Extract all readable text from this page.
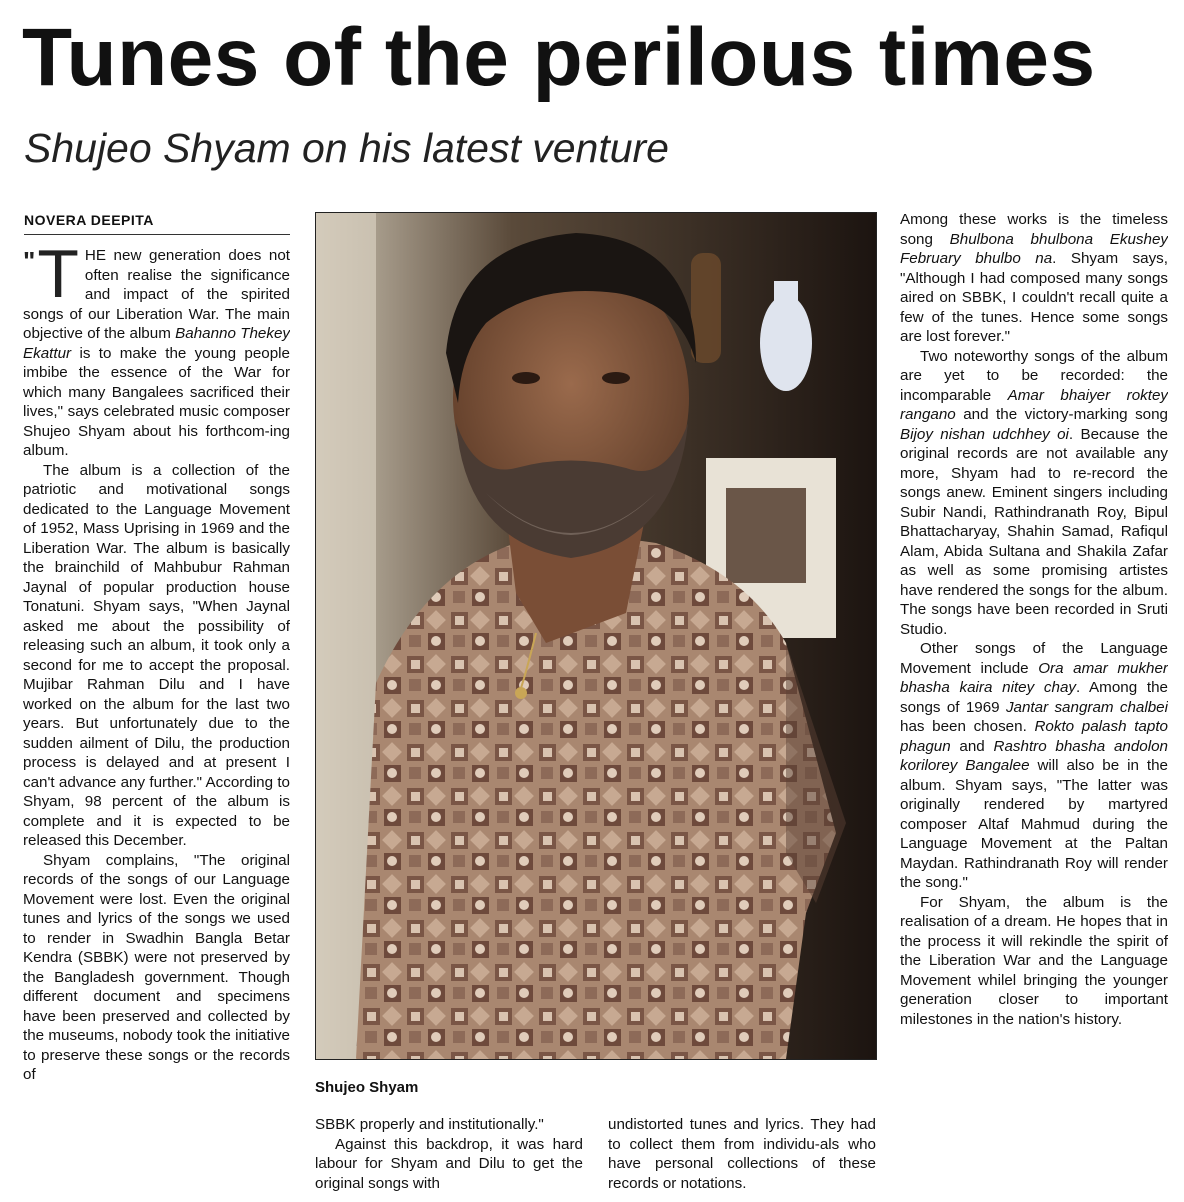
Tunes of the perilous times
Shujeo Shyam on his latest venture
NOVERA DEEPITA

" T HE new generation does not often realise the significance and impact of the spirited songs of our Liberation War. The main objective of the album Bahanno Thekey Ekattur is to make the young people imbibe the essence of the War for which many Bangalees sacrificed their lives," says celebrated music composer Shujeo Shyam about his forthcom-ing album.

The album is a collection of the patriotic and motivational songs dedicated to the Language Movement of 1952, Mass Uprising in 1969 and the Liberation War. The album is basically the brainchild of Mahbubur Rahman Jaynal of popular production house Tonatuni. Shyam says, "When Jaynal asked me about the possibility of releasing such an album, it took only a second for me to accept the proposal. Mujibar Rahman Dilu and I have worked on the album for the last two years. But unfortunately due to the sudden ailment of Dilu, the production process is delayed and at present I can't advance any further." According to Shyam, 98 percent of the album is complete and it is expected to be released this December.

Shyam complains, "The original records of the songs of our Language Movement were lost. Even the original tunes and lyrics of the songs we used to render in Swadhin Bangla Betar Kendra (SBBK) were not preserved by the Bangladesh government. Though different document and specimens have been preserved and collected by the museums, nobody took the initiative to preserve these songs or the records of

Shujeo Shyam

SBBK properly and institutionally."

Against this backdrop, it was hard labour for Shyam and Dilu to get the original songs with

undistorted tunes and lyrics. They had to collect them from individu-als who have personal collections of these records or notations.

Among these works is the timeless song Bhulbona bhulbona Ekushey February bhulbo na. Shyam says, "Although I had composed many songs aired on SBBK, I couldn't recall quite a few of the tunes. Hence some songs are lost forever."

Two noteworthy songs of the album are yet to be recorded: the incomparable Amar bhaiyer roktey rangano and the victory-marking song Bijoy nishan udchhey oi. Because the original records are not available any more, Shyam had to re-record the songs anew. Eminent singers including Subir Nandi, Rathindranath Roy, Bipul Bhattacharyay, Shahin Samad, Rafiqul Alam, Abida Sultana and Shakila Zafar as well as some promising artistes have rendered the songs for the album. The songs have been recorded in Sruti Studio.

Other songs of the Language Movement include Ora amar mukher bhasha kaira nitey chay. Among the songs of 1969 Jantar sangram chalbei has been chosen. Rokto palash tapto phagun and Rashtro bhasha andolon korilorey Bangalee will also be in the album. Shyam says, "The latter was originally rendered by martyred composer Altaf Mahmud during the Language Movement at the Paltan Maydan. Rathindranath Roy will render the song."

For Shyam, the album is the realisation of a dream. He hopes that in the process it will rekindle the spirit of the Liberation War and the Language Movement whilel bringing the younger generation closer to important milestones in the nation's history.
